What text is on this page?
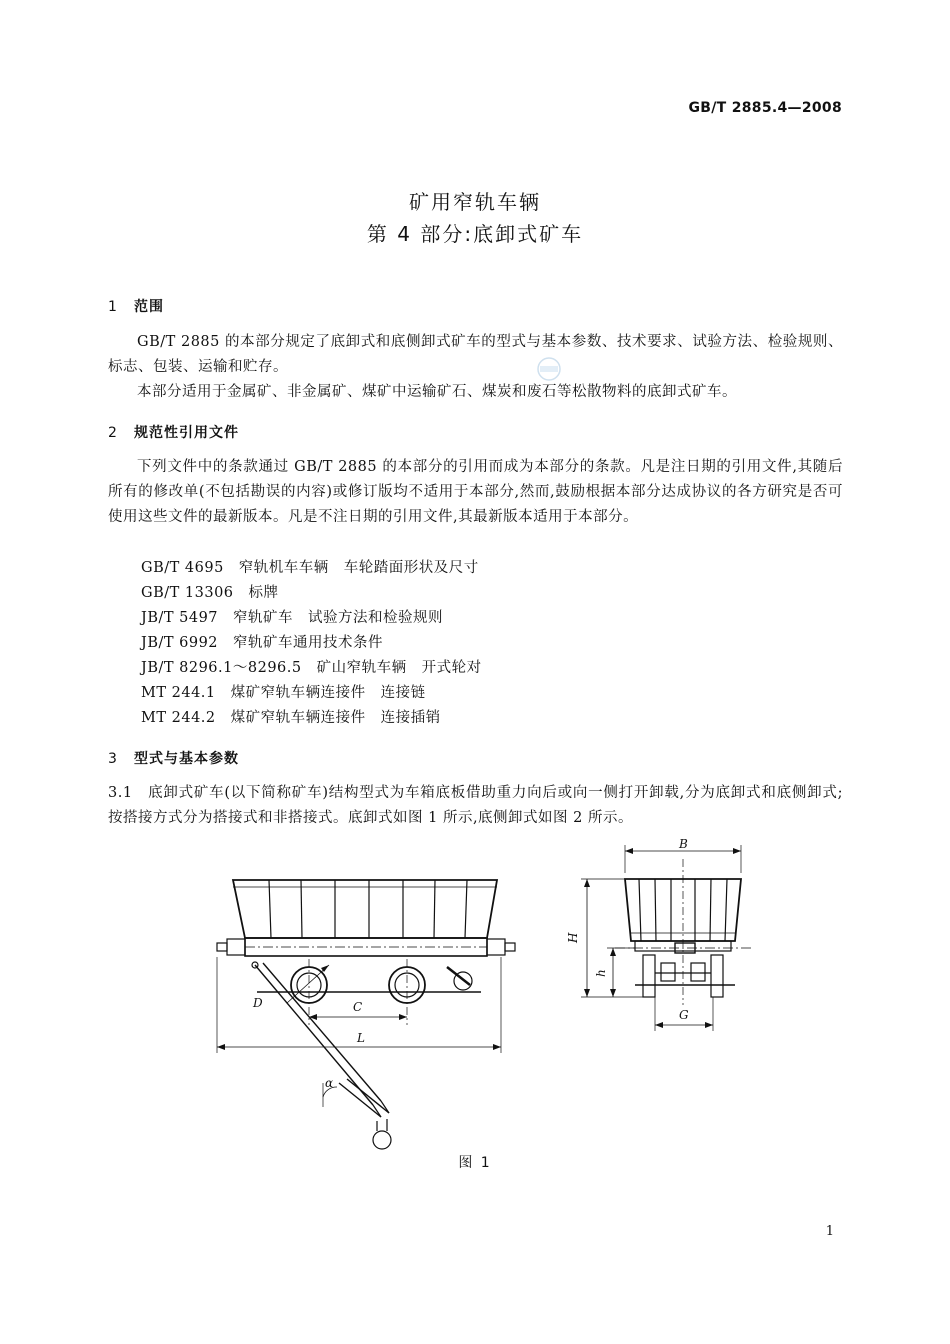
GB/T 2885.4—2008
矿用窄轨车辆
第 4 部分:底卸式矿车
1 范围
GB/T 2885 的本部分规定了底卸式和底侧卸式矿车的型式与基本参数、技术要求、试验方法、检验规则、标志、包装、运输和贮存。
本部分适用于金属矿、非金属矿、煤矿中运输矿石、煤炭和废石等松散物料的底卸式矿车。
2 规范性引用文件
下列文件中的条款通过 GB/T 2885 的本部分的引用而成为本部分的条款。凡是注日期的引用文件,其随后所有的修改单(不包括勘误的内容)或修订版均不适用于本部分,然而,鼓励根据本部分达成协议的各方研究是否可使用这些文件的最新版本。凡是不注日期的引用文件,其最新版本适用于本部分。
GB/T 4695　窄轨机车车辆　车轮踏面形状及尺寸
GB/T 13306　标牌
JB/T 5497　窄轨矿车　试验方法和检验规则
JB/T 6992　窄轨矿车通用技术条件
JB/T 8296.1～8296.5　矿山窄轨车辆　开式轮对
MT 244.1　煤矿窄轨车辆连接件　连接链
MT 244.2　煤矿窄轨车辆连接件　连接插销
3 型式与基本参数
3.1　底卸式矿车(以下简称矿车)结构型式为车箱底板借助重力向后或向一侧打开卸载,分为底卸式和底侧卸式;按搭接方式分为搭接式和非搭接式。底卸式如图 1 所示,底侧卸式如图 2 所示。
D	C
L
α
B
H
h
G
图 1
1
